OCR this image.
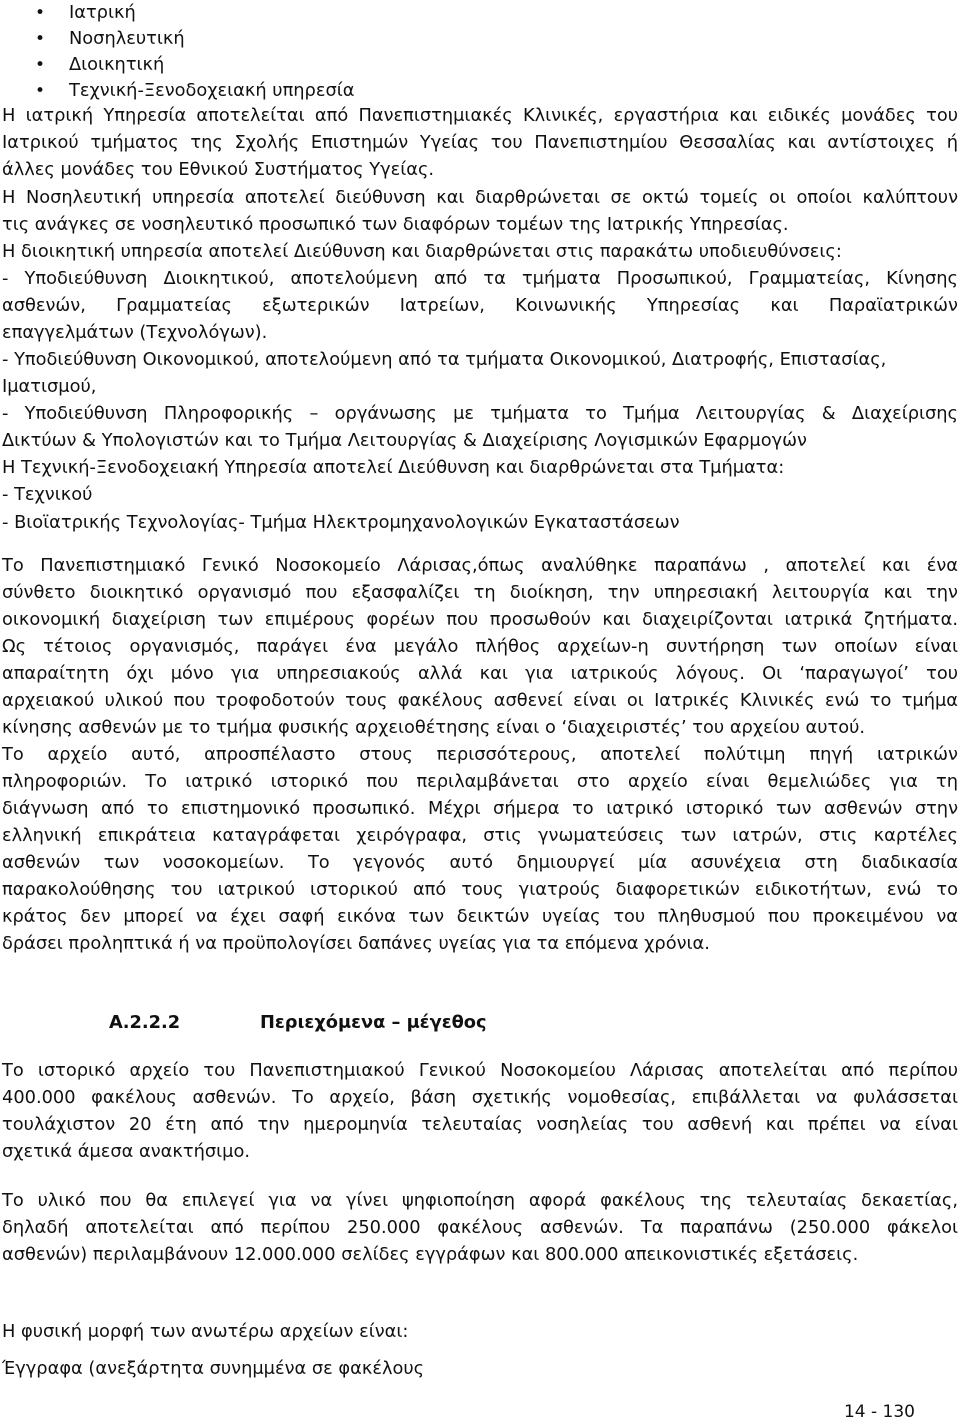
• Ιατρική
• Νοσηλευτική
• Διοικητική
• Τεχνική-Ξενοδοχειακή υπηρεσία
Η ιατρική Υπηρεσία αποτελείται από Πανεπιστημιακές Κλινικές, εργαστήρια και ειδικές μονάδες του
Ιατρικού τμήματος της Σχολής Επιστημών Υγείας του Πανεπιστημίου Θεσσαλίας και αντίστοιχες ή
άλλες μονάδες του Εθνικού Συστήματος Υγείας.
Η Νοσηλευτική υπηρεσία αποτελεί διεύθυνση και διαρθρώνεται σε οκτώ τομείς οι οποίοι καλύπτουν
τις ανάγκες σε νοσηλευτικό προσωπικό των διαφόρων τομέων της Ιατρικής Υπηρεσίας.
Η διοικητική υπηρεσία αποτελεί Διεύθυνση και διαρθρώνεται στις παρακάτω υποδιευθύνσεις:
- Υποδιεύθυνση Διοικητικού, αποτελούμενη από τα τμήματα Προσωπικού, Γραμματείας, Κίνησης
ασθενών, Γραμματείας εξωτερικών Ιατρείων, Κοινωνικής Υπηρεσίας και Παραϊατρικών
επαγγελμάτων (Τεχνολόγων).
- Υποδιεύθυνση Οικονομικού, αποτελούμενη από τα τμήματα Οικονομικού, Διατροφής, Επιστασίας,
Ιματισμού,
- Υποδιεύθυνση Πληροφορικής – οργάνωσης με τμήματα το Τμήμα Λειτουργίας & Διαχείρισης
Δικτύων & Υπολογιστών και το Τμήμα Λειτουργίας & Διαχείρισης Λογισμικών Εφαρμογών
Η Τεχνική-Ξενοδοχειακή Υπηρεσία αποτελεί Διεύθυνση και διαρθρώνεται στα Τμήματα:
- Τεχνικού
- Βιοϊατρικής Τεχνολογίας- Τμήμα Ηλεκτρομηχανολογικών Εγκαταστάσεων
Το Πανεπιστημιακό Γενικό Νοσοκομείο Λάρισας,όπως αναλύθηκε παραπάνω , αποτελεί και ένα
σύνθετο διοικητικό οργανισμό που εξασφαλίζει τη διοίκηση, την υπηρεσιακή λειτουργία και την
οικονομική διαχείριση των επιμέρους φορέων που προσωθούν και διαχειρίζονται ιατρικά ζητήματα.
Ως τέτοιος οργανισμός, παράγει ένα μεγάλο πλήθος αρχείων-η συντήρηση των οποίων είναι
απαραίτητη όχι μόνο για υπηρεσιακούς αλλά και για ιατρικούς λόγους. Οι ‘παραγωγοί’ του
αρχειακού υλικού που τροφοδοτούν τους φακέλους ασθενεί είναι οι Ιατρικές Κλινικές ενώ το τμήμα
κίνησης ασθενών με το τμήμα φυσικής αρχειοθέτησης είναι ο ‘διαχειριστές’ του αρχείου αυτού.
Το αρχείο αυτό, απροσπέλαστο στους περισσότερους, αποτελεί πολύτιμη πηγή ιατρικών
πληροφοριών. Το ιατρικό ιστορικό που περιλαμβάνεται στο αρχείο είναι θεμελιώδες για τη
διάγνωση από το επιστημονικό προσωπικό. Μέχρι σήμερα το ιατρικό ιστορικό των ασθενών στην
ελληνική επικράτεια καταγράφεται χειρόγραφα, στις γνωματεύσεις των ιατρών, στις καρτέλες
ασθενών των νοσοκομείων. Το γεγονός αυτό δημιουργεί μία ασυνέχεια στη διαδικασία
παρακολούθησης του ιατρικού ιστορικού από τους γιατρούς διαφορετικών ειδικοτήτων, ενώ το
κράτος δεν μπορεί να έχει σαφή εικόνα των δεικτών υγείας του πληθυσμού που προκειμένου να
δράσει προληπτικά ή να προϋπολογίσει δαπάνες υγείας για τα επόμενα χρόνια.
Α.2.2.2	Περιεχόμενα – μέγεθος
Το ιστορικό αρχείο του Πανεπιστημιακού Γενικού Νοσοκομείου Λάρισας αποτελείται από περίπου
400.000 φακέλους ασθενών. Το αρχείο, βάση σχετικής νομοθεσίας, επιβάλλεται να φυλάσσεται
τουλάχιστον 20 έτη από την ημερομηνία τελευταίας νοσηλείας του ασθενή και πρέπει να είναι
σχετικά άμεσα ανακτήσιμο.
Το υλικό που θα επιλεγεί για να γίνει ψηφιοποίηση αφορά φακέλους της τελευταίας δεκαετίας,
δηλαδή αποτελείται από περίπου 250.000 φακέλους ασθενών. Τα παραπάνω (250.000 φάκελοι
ασθενών) περιλαμβάνουν 12.000.000 σελίδες εγγράφων και 800.000 απεικονιστικές εξετάσεις.
Η φυσική μορφή των ανωτέρω αρχείων είναι:
Έγγραφα (ανεξάρτητα συνημμένα σε φακέλους
14 - 130
